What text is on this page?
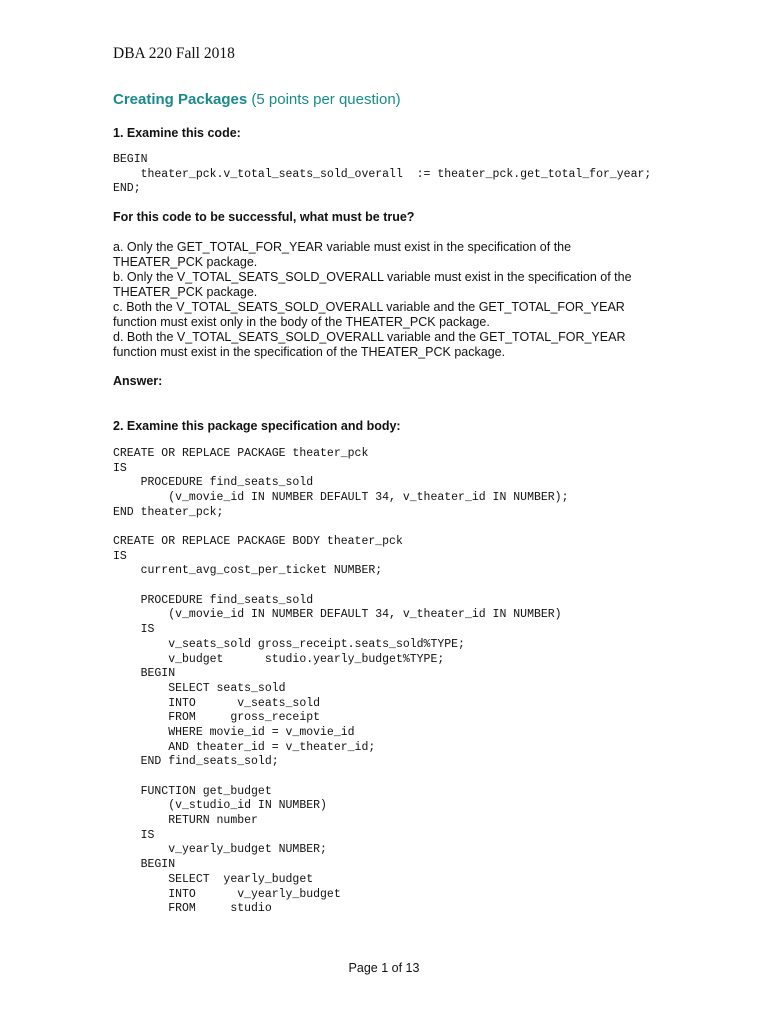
DBA 220 Fall 2018
Creating Packages (5 points per question)
1. Examine this code:
BEGIN
theater_pck.v_total_seats_sold_overall  := theater_pck.get_total_for_year;
END;
For this code to be successful, what must be true?
a. Only the GET_TOTAL_FOR_YEAR variable must exist in the specification of the THEATER_PCK package.
b. Only the V_TOTAL_SEATS_SOLD_OVERALL variable must exist in the specification of the THEATER_PCK package.
c. Both the V_TOTAL_SEATS_SOLD_OVERALL variable and the GET_TOTAL_FOR_YEAR function must exist only in the body of the THEATER_PCK package.
d. Both the V_TOTAL_SEATS_SOLD_OVERALL variable and the GET_TOTAL_FOR_YEAR function must exist in the specification of the THEATER_PCK package.
Answer:
2. Examine this package specification and body:
CREATE OR REPLACE PACKAGE theater_pck
IS
PROCEDURE find_seats_sold
(v_movie_id IN NUMBER DEFAULT 34, v_theater_id IN NUMBER);
END theater_pck;
CREATE OR REPLACE PACKAGE BODY theater_pck
IS
current_avg_cost_per_ticket NUMBER;
PROCEDURE find_seats_sold
(v_movie_id IN NUMBER DEFAULT 34, v_theater_id IN NUMBER)
IS
v_seats_sold gross_receipt.seats_sold%TYPE;
v_budget      studio.yearly_budget%TYPE;
BEGIN
SELECT seats_sold
INTO      v_seats_sold
FROM     gross_receipt
WHERE movie_id = v_movie_id
AND theater_id = v_theater_id;
END find_seats_sold;
FUNCTION get_budget
(v_studio_id IN NUMBER)
RETURN number
IS
v_yearly_budget NUMBER;
BEGIN
SELECT  yearly_budget
INTO      v_yearly_budget
FROM     studio
Page 1 of 13
